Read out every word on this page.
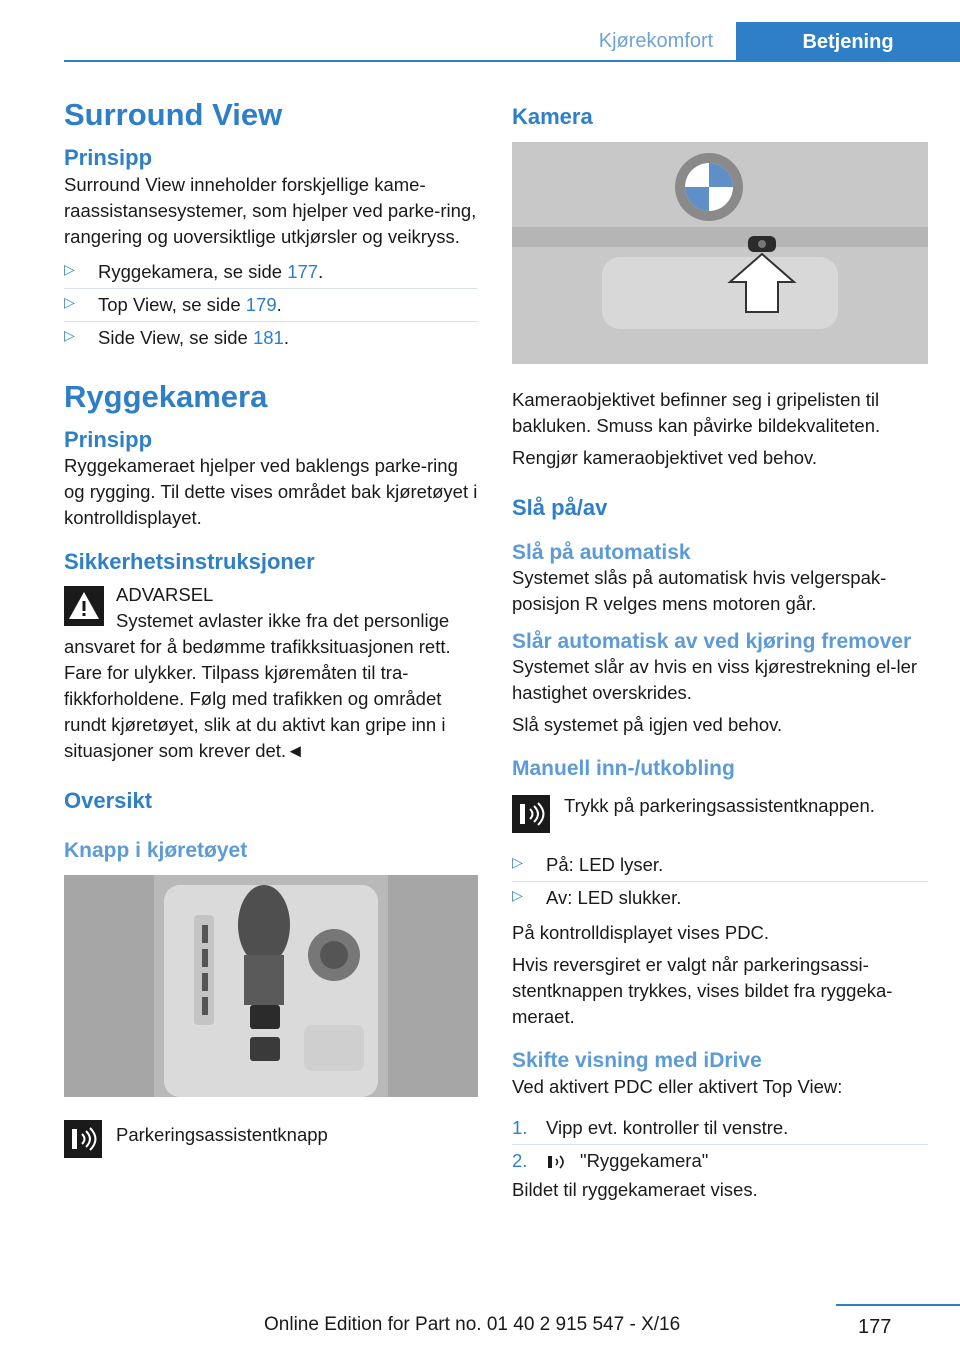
Kjørekomfort	Betjening
Surround View
Prinsipp

Surround View inneholder forskjellige kame-raassistansesystemer, som hjelper ved parke-ring, rangering og uoversiktlige utkjørsler og veikryss.

▷ Ryggekamera, se side 177.
▷ Top View, se side 179.
▷ Side View, se side 181.
Ryggekamera
Prinsipp

Ryggekameraet hjelper ved baklengs parke-ring og rygging. Til dette vises området bak kjøretøyet i kontrolldisplayet.

Sikkerhetsinstruksjoner

ADVARSEL

Systemet avlaster ikke fra det personlige ansvaret for å bedømme trafikksituasjonen rett. Fare for ulykker. Tilpass kjøremåten til tra-fikkforholdene. Følg med trafikken og området rundt kjøretøyet, slik at du aktivt kan gripe inn i situasjoner som krever det.◄

Oversikt
Knapp i kjøretøyet

Parkeringsassistentknapp

Kamera

Kameraobjektivet befinner seg i gripelisten til bakluken. Smuss kan påvirke bildekvaliteten.

Rengjør kameraobjektivet ved behov.

Slå på/av
Slå på automatisk

Systemet slås på automatisk hvis velgerspak-posisjon R velges mens motoren går.

Slår automatisk av ved kjøring fremover

Systemet slår av hvis en viss kjørestrekning el-ler hastighet overskrides.

Slå systemet på igjen ved behov.

Manuell inn-/utkobling

Trykk på parkeringsassistentknappen.

▷ På: LED lyser.
▷ Av: LED slukker.

På kontrolldisplayet vises PDC.

Hvis reversgiret er valgt når parkeringsassi-stentknappen trykkes, vises bildet fra ryggeka-meraet.

Skifte visning med iDrive

Ved aktivert PDC eller aktivert Top View:

1. Vipp evt. kontroller til venstre.
2.	"Ryggekamera"

Bildet til ryggekameraet vises.

177
Online Edition for Part no. 01 40 2 915 547 - X/16
